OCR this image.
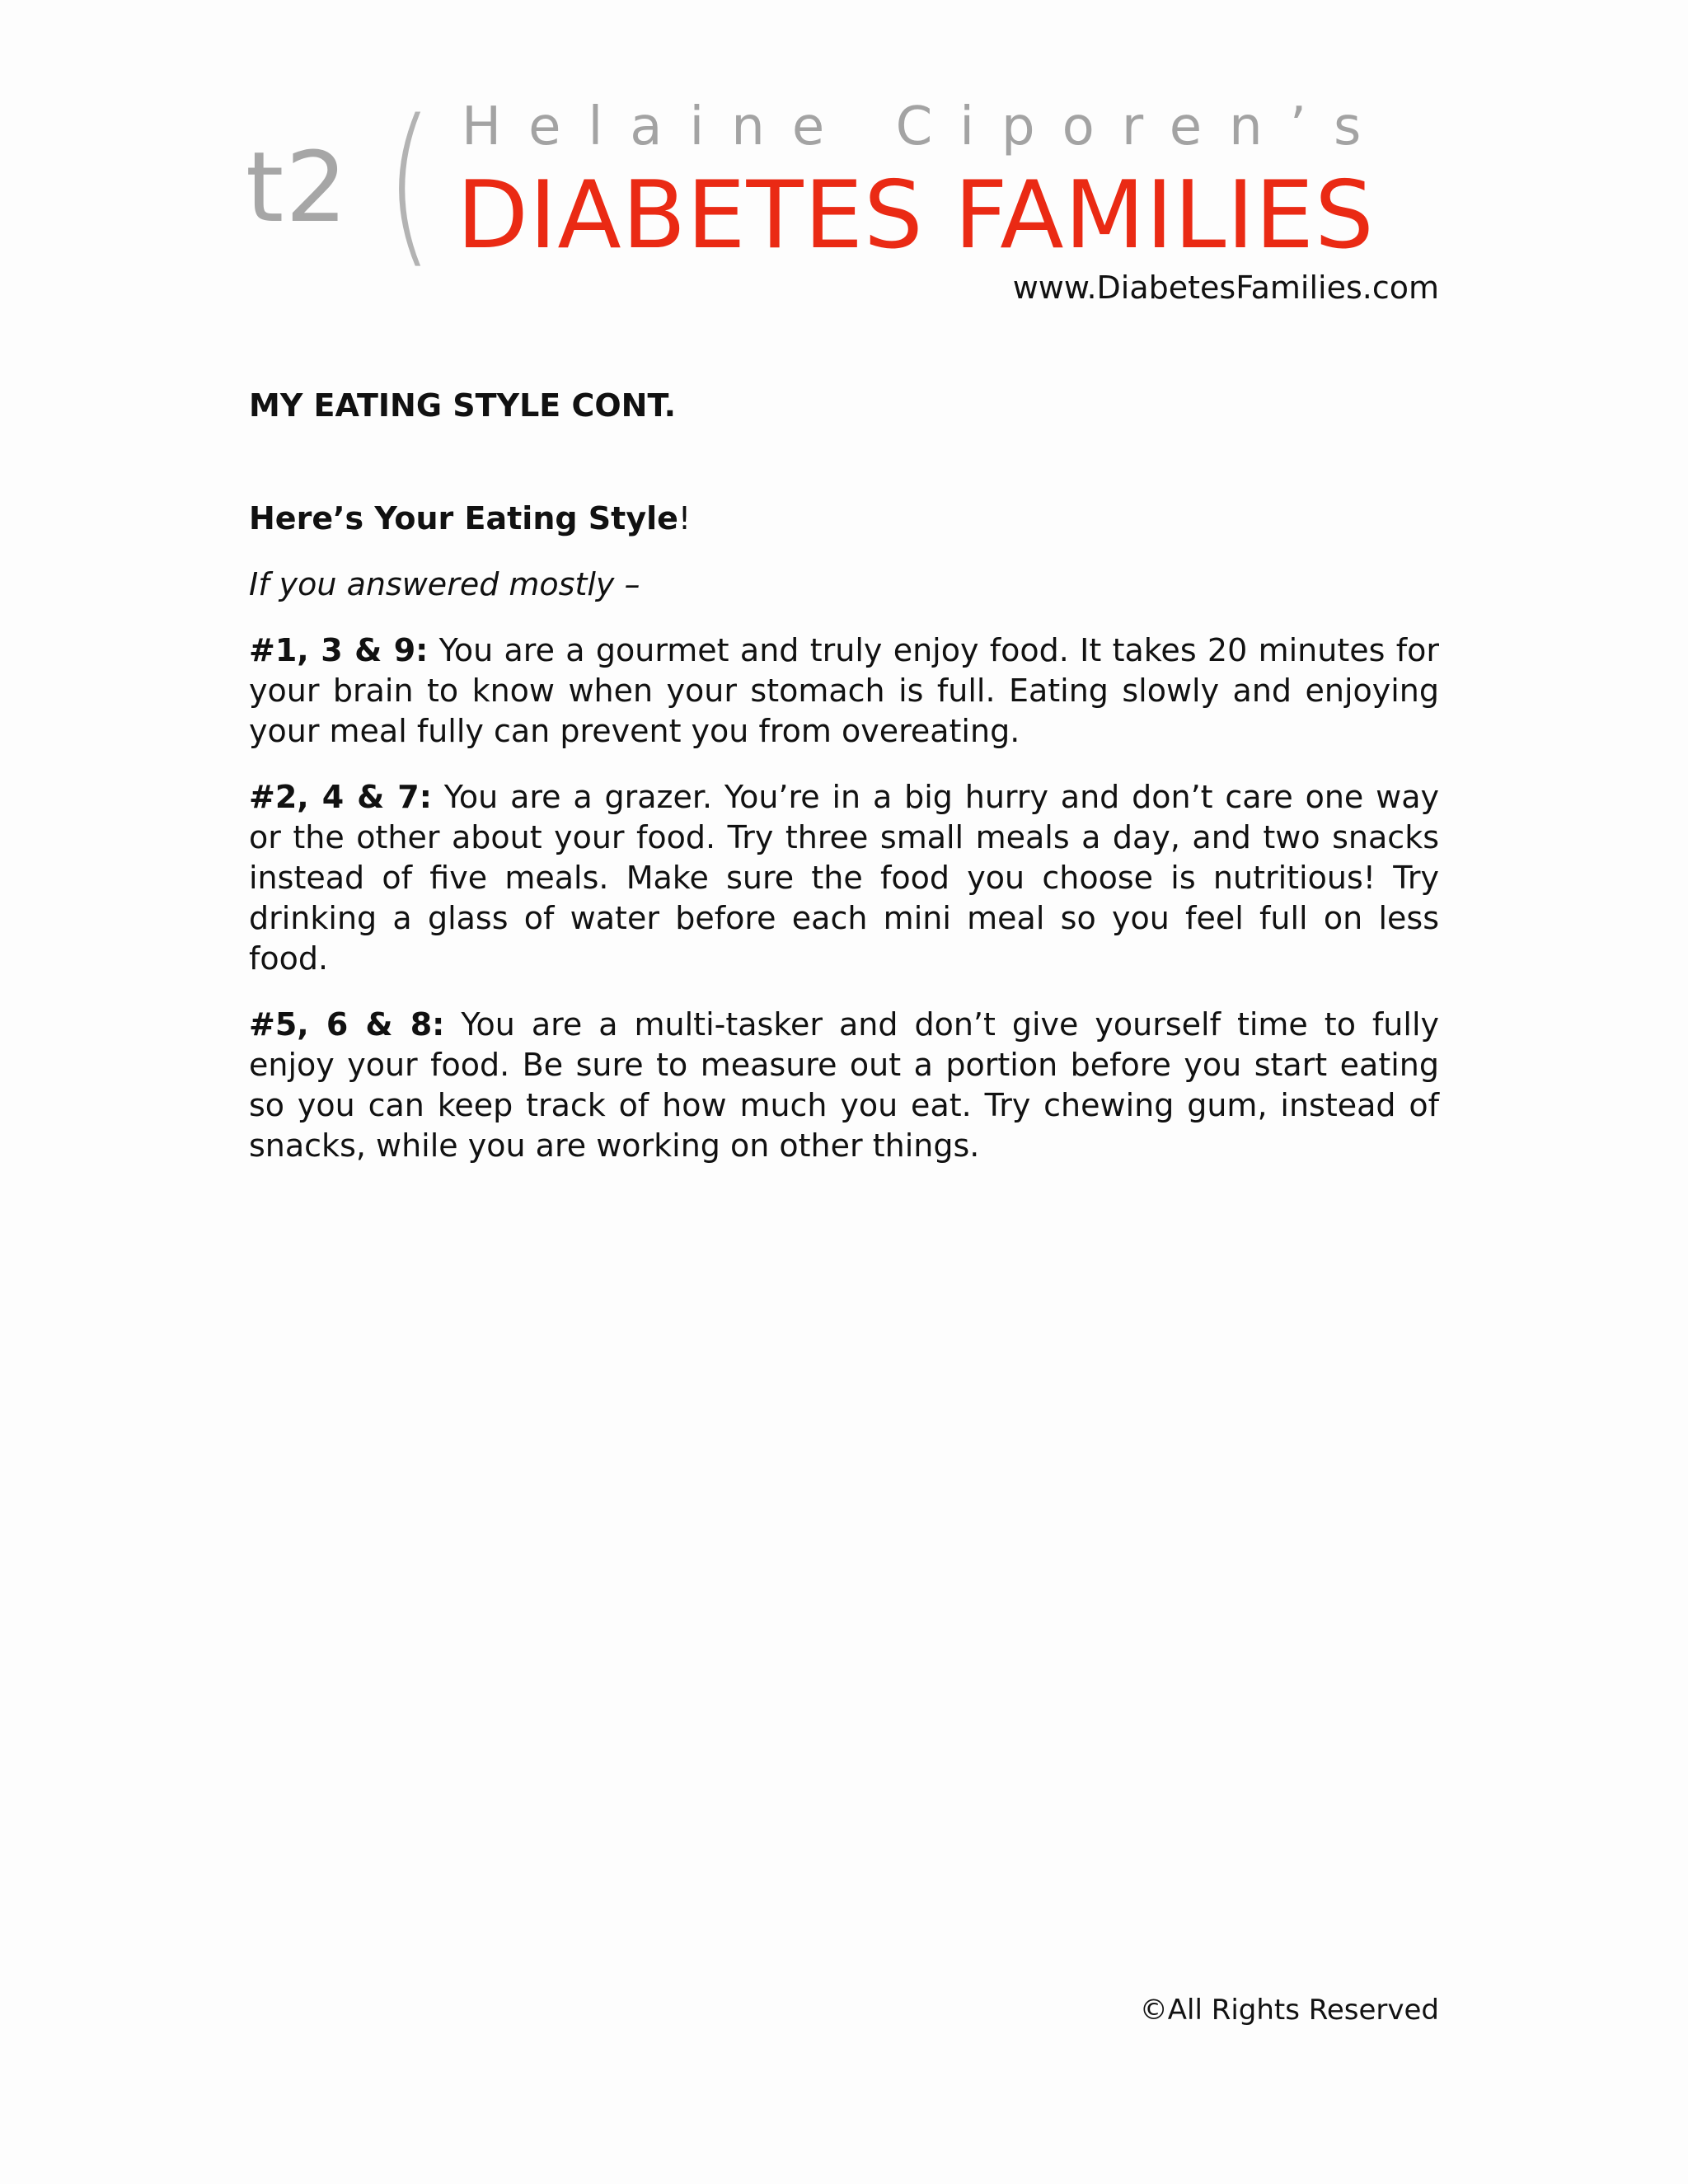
t2 ( Helaine Ciporen’s
DIABETES FAMILIES
www.DiabetesFamilies.com

MY EATING STYLE CONT.

Here’s Your Eating Style!

If you answered mostly –

#1, 3 & 9: You are a gourmet and truly enjoy food. It takes 20 minutes for your brain to know when your stomach is full. Eating slowly and enjoying your meal fully can prevent you from overeating.

#2, 4 & 7: You are a grazer. You’re in a big hurry and don’t care one way or the other about your food. Try three small meals a day, and two snacks instead of five meals. Make sure the food you choose is nutritious! Try drinking a glass of water before each mini meal so you feel full on less food.

#5, 6 & 8: You are a multi-tasker and don’t give yourself time to fully enjoy your food. Be sure to measure out a portion before you start eating so you can keep track of how much you eat. Try chewing gum, instead of snacks, while you are working on other things.

©All Rights Reserved
